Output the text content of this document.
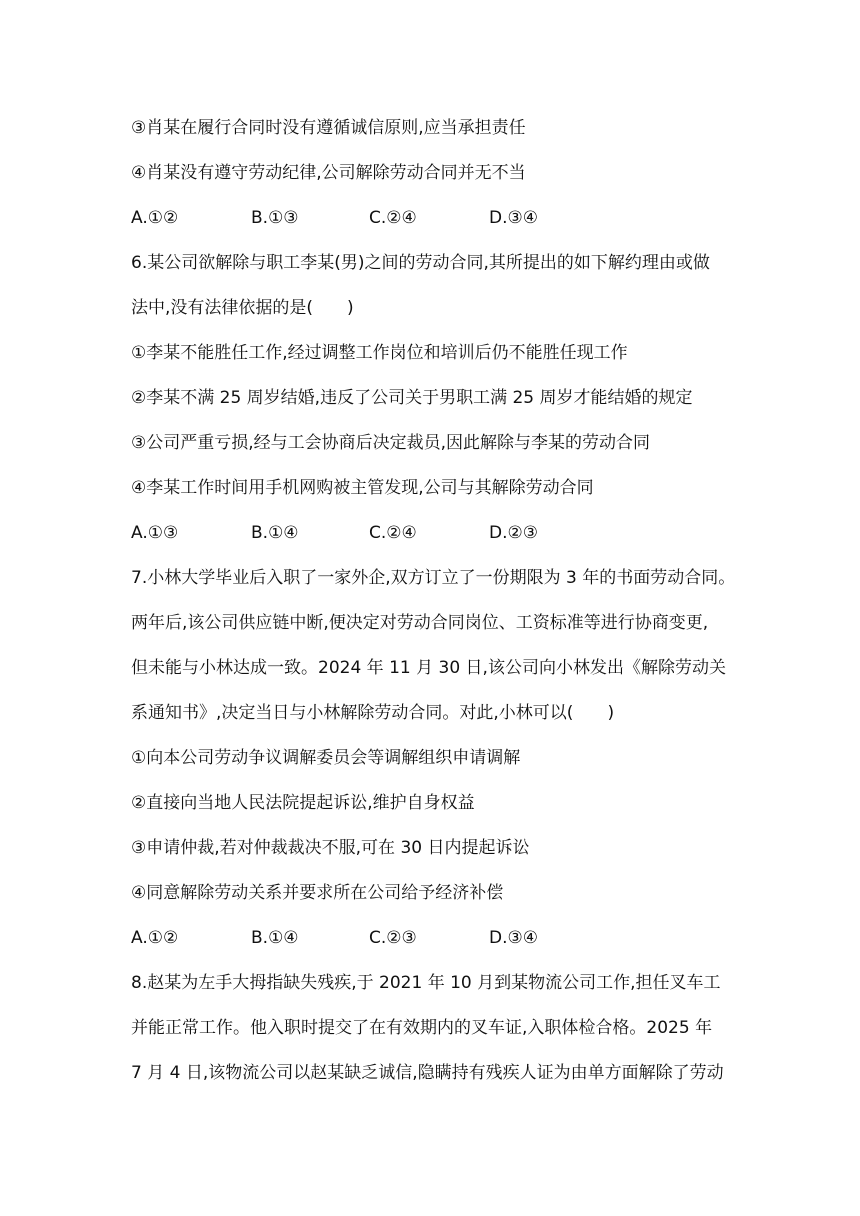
③肖某在履行合同时没有遵循诚信原则,应当承担责任
④肖某没有遵守劳动纪律,公司解除劳动合同并无不当
A.①②	B.①③	C.②④	D.③④
6.某公司欲解除与职工李某(男)之间的劳动合同,其所提出的如下解约理由或做
法中,没有法律依据的是(　　)
①李某不能胜任工作,经过调整工作岗位和培训后仍不能胜任现工作
②李某不满 25 周岁结婚,违反了公司关于男职工满 25 周岁才能结婚的规定
③公司严重亏损,经与工会协商后决定裁员,因此解除与李某的劳动合同
④李某工作时间用手机网购被主管发现,公司与其解除劳动合同
A.①③	B.①④	C.②④	D.②③
7.小林大学毕业后入职了一家外企,双方订立了一份期限为 3 年的书面劳动合同。
两年后,该公司供应链中断,便决定对劳动合同岗位、工资标准等进行协商变更,
但未能与小林达成一致。2024 年 11 月 30 日,该公司向小林发出《解除劳动关
系通知书》,决定当日与小林解除劳动合同。对此,小林可以(　　)
①向本公司劳动争议调解委员会等调解组织申请调解
②直接向当地人民法院提起诉讼,维护自身权益
③申请仲裁,若对仲裁裁决不服,可在 30 日内提起诉讼
④同意解除劳动关系并要求所在公司给予经济补偿
A.①②	B.①④	C.②③	D.③④
8.赵某为左手大拇指缺失残疾,于 2021 年 10 月到某物流公司工作,担任叉车工
并能正常工作。他入职时提交了在有效期内的叉车证,入职体检合格。2025 年
7 月 4 日,该物流公司以赵某缺乏诚信,隐瞒持有残疾人证为由单方面解除了劳动
